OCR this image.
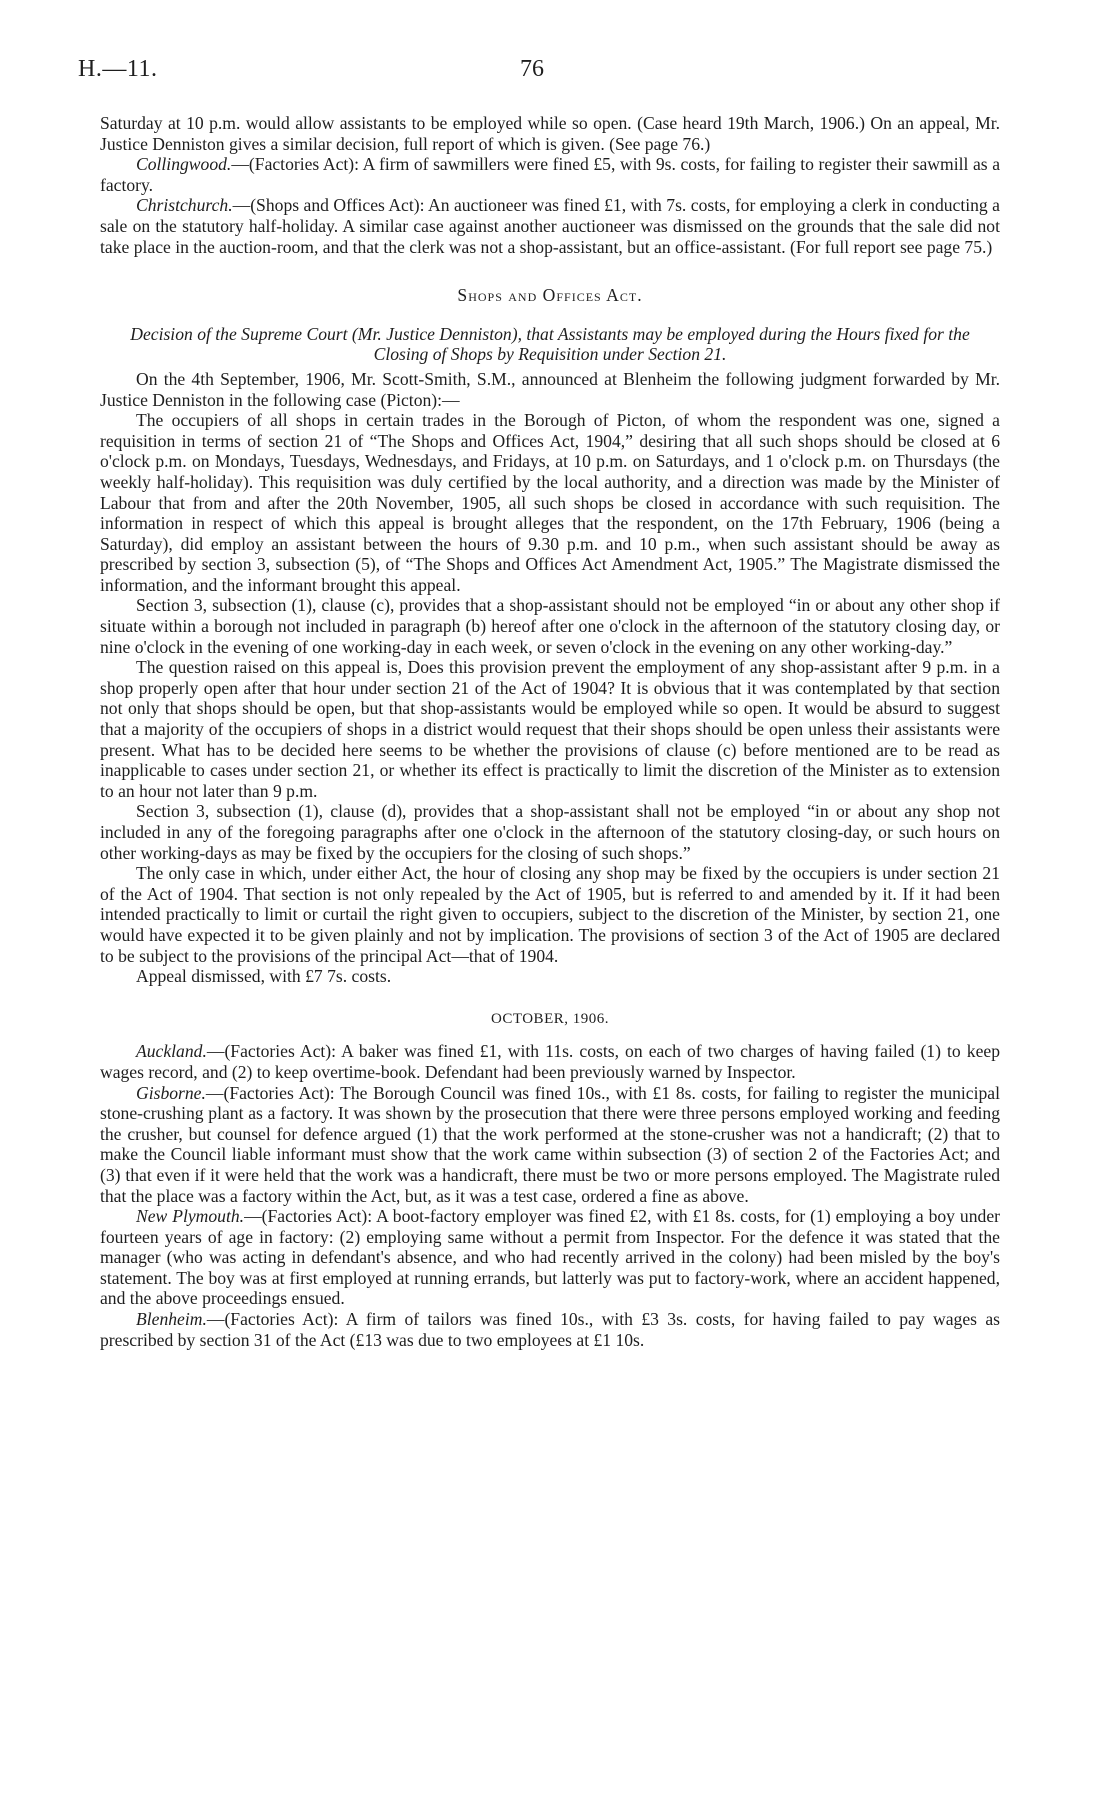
H.—11.	76

Saturday at 10 p.m. would allow assistants to be employed while so open. (Case heard 19th March, 1906.) On an appeal, Mr. Justice Denniston gives a similar decision, full report of which is given. (See page 76.)

Collingwood.—(Factories Act): A firm of sawmillers were fined £5, with 9s. costs, for failing to register their sawmill as a factory.

Christchurch.—(Shops and Offices Act): An auctioneer was fined £1, with 7s. costs, for employing a clerk in conducting a sale on the statutory half-holiday. A similar case against another auctioneer was dismissed on the grounds that the sale did not take place in the auction-room, and that the clerk was not a shop-assistant, but an office-assistant. (For full report see page 75.)

Shops and Offices Act.

Decision of the Supreme Court (Mr. Justice Denniston), that Assistants may be employed during the Hours fixed for the Closing of Shops by Requisition under Section 21.

On the 4th September, 1906, Mr. Scott-Smith, S.M., announced at Blenheim the following judgment forwarded by Mr. Justice Denniston in the following case (Picton):—

The occupiers of all shops in certain trades in the Borough of Picton, of whom the respondent was one, signed a requisition in terms of section 21 of “The Shops and Offices Act, 1904,” desiring that all such shops should be closed at 6 o'clock p.m. on Mondays, Tuesdays, Wednesdays, and Fridays, at 10 p.m. on Saturdays, and 1 o'clock p.m. on Thursdays (the weekly half-holiday). This requisition was duly certified by the local authority, and a direction was made by the Minister of Labour that from and after the 20th November, 1905, all such shops be closed in accordance with such requisition. The information in respect of which this appeal is brought alleges that the respondent, on the 17th February, 1906 (being a Saturday), did employ an assistant between the hours of 9.30 p.m. and 10 p.m., when such assistant should be away as prescribed by section 3, subsection (5), of “The Shops and Offices Act Amendment Act, 1905.” The Magistrate dismissed the information, and the informant brought this appeal.

Section 3, subsection (1), clause (c), provides that a shop-assistant should not be employed “in or about any other shop if situate within a borough not included in paragraph (b) hereof after one o'clock in the afternoon of the statutory closing day, or nine o'clock in the evening of one working-day in each week, or seven o'clock in the evening on any other working-day.”

The question raised on this appeal is, Does this provision prevent the employment of any shop-assistant after 9 p.m. in a shop properly open after that hour under section 21 of the Act of 1904? It is obvious that it was contemplated by that section not only that shops should be open, but that shop-assistants would be employed while so open. It would be absurd to suggest that a majority of the occupiers of shops in a district would request that their shops should be open unless their assistants were present. What has to be decided here seems to be whether the provisions of clause (c) before mentioned are to be read as inapplicable to cases under section 21, or whether its effect is practically to limit the discretion of the Minister as to extension to an hour not later than 9 p.m.

Section 3, subsection (1), clause (d), provides that a shop-assistant shall not be employed “in or about any shop not included in any of the foregoing paragraphs after one o'clock in the afternoon of the statutory closing-day, or such hours on other working-days as may be fixed by the occupiers for the closing of such shops.”

The only case in which, under either Act, the hour of closing any shop may be fixed by the occupiers is under section 21 of the Act of 1904. That section is not only repealed by the Act of 1905, but is referred to and amended by it. If it had been intended practically to limit or curtail the right given to occupiers, subject to the discretion of the Minister, by section 21, one would have expected it to be given plainly and not by implication. The provisions of section 3 of the Act of 1905 are declared to be subject to the provisions of the principal Act—that of 1904.

Appeal dismissed, with £7 7s. costs.

OCTOBER, 1906.

Auckland.—(Factories Act): A baker was fined £1, with 11s. costs, on each of two charges of having failed (1) to keep wages record, and (2) to keep overtime-book. Defendant had been previously warned by Inspector.

Gisborne.—(Factories Act): The Borough Council was fined 10s., with £1 8s. costs, for failing to register the municipal stone-crushing plant as a factory. It was shown by the prosecution that there were three persons employed working and feeding the crusher, but counsel for defence argued (1) that the work performed at the stone-crusher was not a handicraft; (2) that to make the Council liable informant must show that the work came within subsection (3) of section 2 of the Factories Act; and (3) that even if it were held that the work was a handicraft, there must be two or more persons employed. The Magistrate ruled that the place was a factory within the Act, but, as it was a test case, ordered a fine as above.

New Plymouth.—(Factories Act): A boot-factory employer was fined £2, with £1 8s. costs, for (1) employing a boy under fourteen years of age in factory: (2) employing same without a permit from Inspector. For the defence it was stated that the manager (who was acting in defendant's absence, and who had recently arrived in the colony) had been misled by the boy's statement. The boy was at first employed at running errands, but latterly was put to factory-work, where an accident happened, and the above proceedings ensued.

Blenheim.—(Factories Act): A firm of tailors was fined 10s., with £3 3s. costs, for having failed to pay wages as prescribed by section 31 of the Act (£13 was due to two employees at £1 10s.
